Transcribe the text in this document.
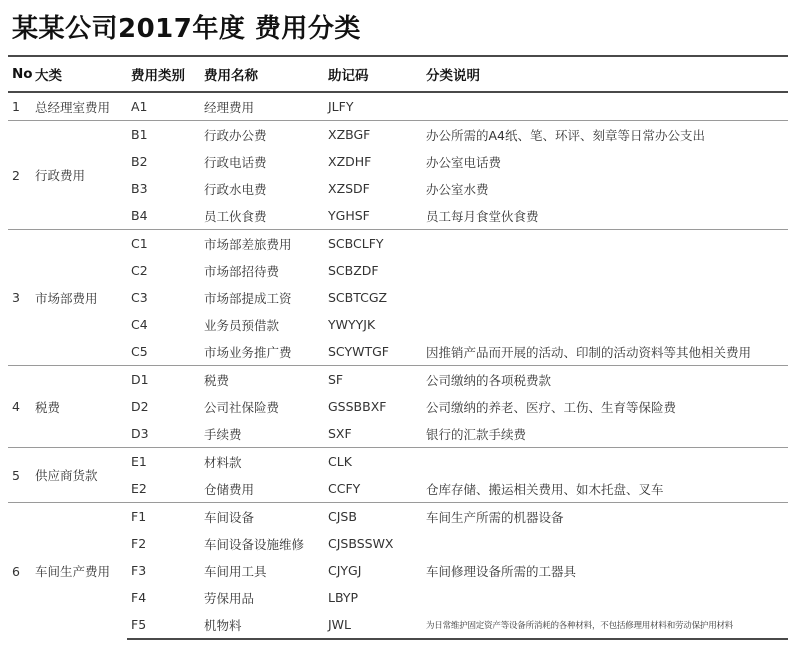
某某公司2017年度 费用分类
No	大类	费用类别	费用名称	助记码	分类说明
1	总经理室费用	A1	经理费用	JLFY	
2	行政费用	B1	行政办公费	XZBGF	办公所需的A4纸、笔、环评、刻章等日常办公支出
		B2	行政电话费	XZDHF	办公室电话费
		B3	行政水电费	XZSDF	办公室水费
		B4	员工伙食费	YGHSF	员工每月食堂伙食费
3	市场部费用	C1	市场部差旅费用	SCBCLFY	
		C2	市场部招待费	SCBZDF	
		C3	市场部提成工资	SCBTCGZ	
		C4	业务员预借款	YWYYJK	
		C5	市场业务推广费	SCYWTGF	因推销产品而开展的活动、印制的活动资料等其他相关费用
4	税费	D1	税费	SF	公司缴纳的各项税费款
		D2	公司社保险费	GSSBBXF	公司缴纳的养老、医疗、工伤、生育等保险费
		D3	手续费	SXF	银行的汇款手续费
5	供应商货款	E1	材料款	CLK	
		E2	仓储费用	CCFY	仓库存储、搬运相关费用、如木托盘、叉车
6	车间生产费用	F1	车间设备	CJSB	车间生产所需的机器设备
		F2	车间设备设施维修	CJSBSSWX	
		F3	车间用工具	CJYGJ	车间修理设备所需的工器具
		F4	劳保用品	LBYP	
		F5	机物料	JWL	为日常维护固定资产等设备所消耗的各种材料，不包括修理用材料和劳动保护用材料
